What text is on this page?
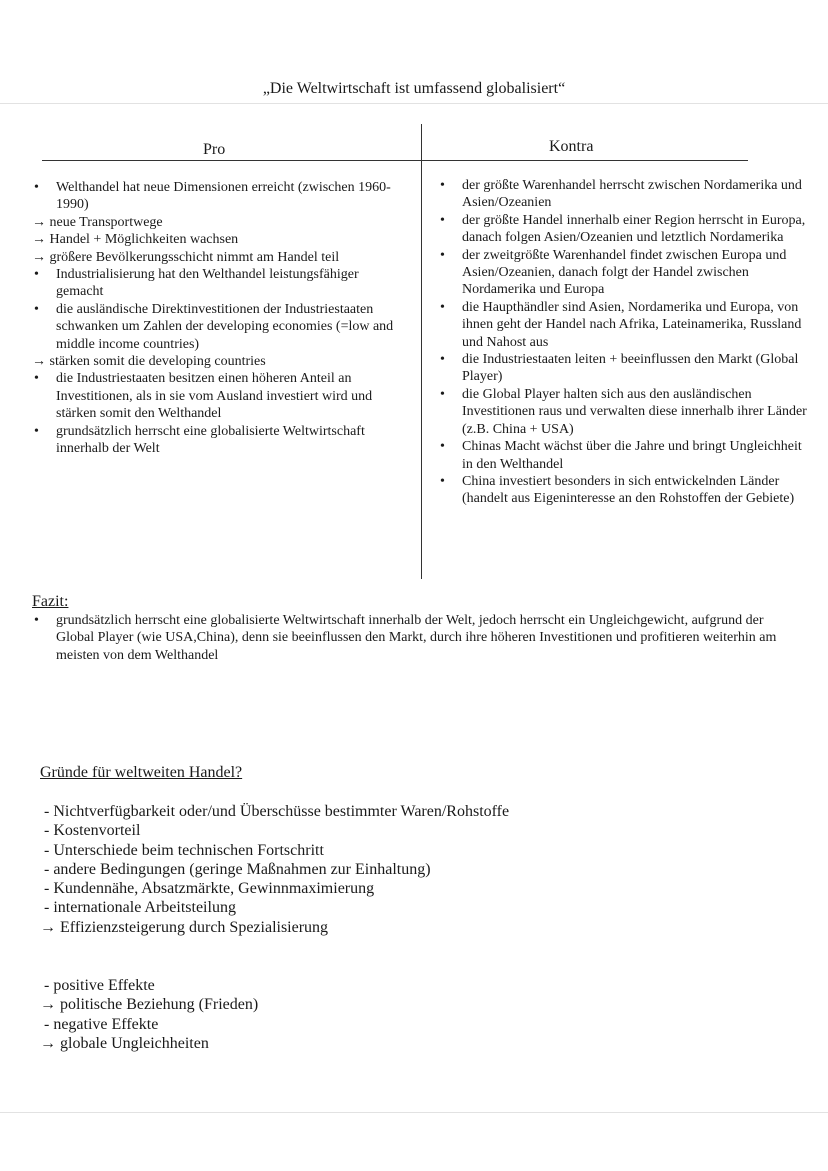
„Die Weltwirtschaft ist umfassend globalisiert“
Pro	Kontra
• Welthandel hat neue Dimensionen erreicht (zwischen 1960-1990)
→ neue Transportwege
→ Handel + Möglichkeiten wachsen
→ größere Bevölkerungsschicht nimmt am Handel teil
• Industrialisierung hat den Welthandel leistungsfähiger gemacht
• die ausländische Direktinvestitionen der Industriestaaten schwanken um Zahlen der developing economies (=low and middle income countries)
→ stärken somit die developing countries
• die Industriestaaten besitzen einen höheren Anteil an Investitionen, als in sie vom Ausland investiert wird und stärken somit den Welthandel
• grundsätzlich herrscht eine globalisierte Weltwirtschaft innerhalb der Welt
• der größte Warenhandel herrscht zwischen Nordamerika und Asien/Ozeanien
• der größte Handel innerhalb einer Region herrscht in Europa, danach folgen Asien/Ozeanien und letztlich Nordamerika
• der zweitgrößte Warenhandel findet zwischen Europa und Asien/Ozeanien, danach folgt der Handel zwischen Nordamerika und Europa
• die Haupthändler sind Asien, Nordamerika und Europa, von ihnen geht der Handel nach Afrika, Lateinamerika, Russland und Nahost aus
• die Industriestaaten leiten + beeinflussen den Markt (Global Player)
• die Global Player halten sich aus den ausländischen Investitionen raus und verwalten diese innerhalb ihrer Länder (z.B. China + USA)
• Chinas Macht wächst über die Jahre und bringt Ungleichheit in den Welthandel
• China investiert besonders in sich entwickelnden Länder (handelt aus Eigeninteresse an den Rohstoffen der Gebiete)
Fazit:
• grundsätzlich herrscht eine globalisierte Weltwirtschaft innerhalb der Welt, jedoch herrscht ein Ungleichgewicht, aufgrund der Global Player (wie USA,China), denn sie beeinflussen den Markt, durch ihre höheren Investitionen und profitieren weiterhin am meisten von dem Welthandel
Gründe für weltweiten Handel?
- Nichtverfügbarkeit oder/und Überschüsse bestimmter Waren/Rohstoffe
- Kostenvorteil
- Unterschiede beim technischen Fortschritt
- andere Bedingungen (geringe Maßnahmen zur Einhaltung)
- Kundennähe, Absatzmärkte, Gewinnmaximierung
- internationale Arbeitsteilung
→ Effizienzsteigerung durch Spezialisierung
- positive Effekte
→ politische Beziehung (Frieden)
- negative Effekte
→ globale Ungleichheiten
